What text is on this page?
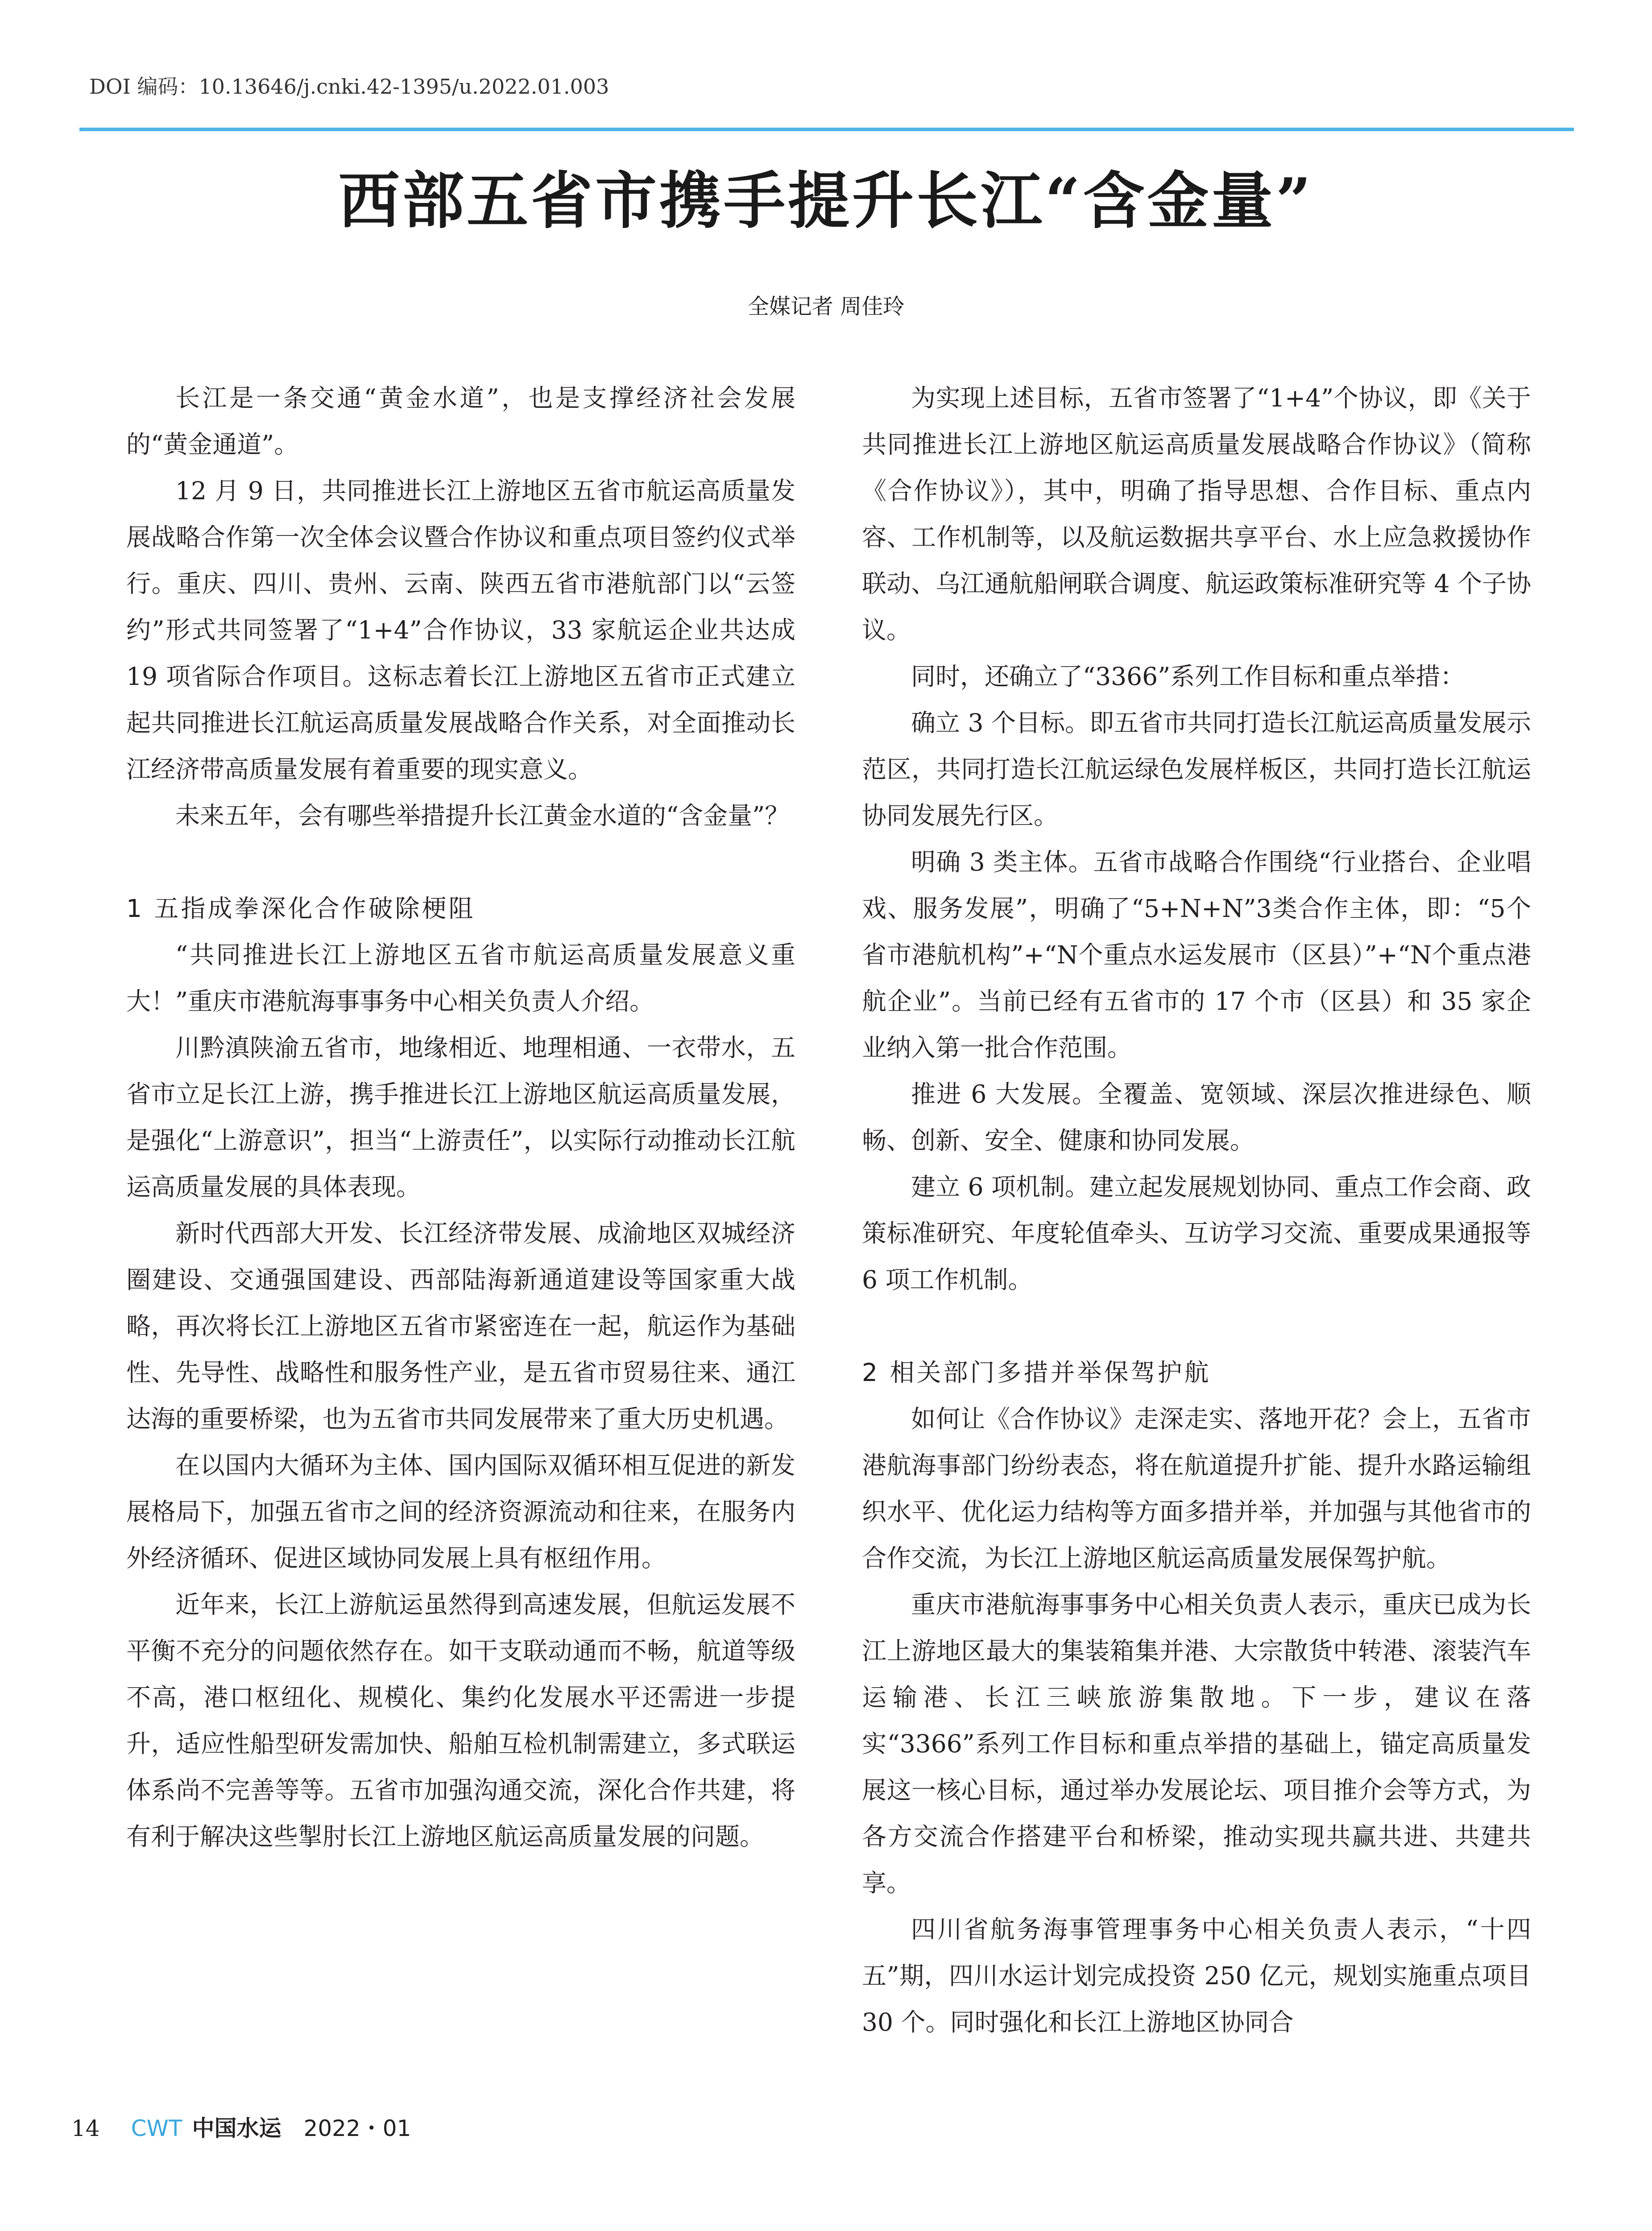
DOI 编码：10.13646/j.cnki.42-1395/u.2022.01.003
西部五省市携手提升长江“含金量”
全媒记者 周佳玲

长江是一条交通“黄金水道”，也是支撑经济社会发展的“黄金通道”。

12 月 9 日，共同推进长江上游地区五省市航运高质量发展战略合作第一次全体会议暨合作协议和重点项目签约仪式举行。重庆、四川、贵州、云南、陕西五省市港航部门以“云签约”形式共同签署了“1+4”合作协议，33 家航运企业共达成 19 项省际合作项目。这标志着长江上游地区五省市正式建立起共同推进长江航运高质量发展战略合作关系，对全面推动长江经济带高质量发展有着重要的现实意义。

未来五年，会有哪些举措提升长江黄金水道的“含金量”？

1 五指成拳深化合作破除梗阻

“共同推进长江上游地区五省市航运高质量发展意义重大！”重庆市港航海事事务中心相关负责人介绍。

川黔滇陕渝五省市，地缘相近、地理相通、一衣带水，五省市立足长江上游，携手推进长江上游地区航运高质量发展，是强化“上游意识”，担当“上游责任”，以实际行动推动长江航运高质量发展的具体表现。

新时代西部大开发、长江经济带发展、成渝地区双城经济圈建设、交通强国建设、西部陆海新通道建设等国家重大战略，再次将长江上游地区五省市紧密连在一起，航运作为基础性、先导性、战略性和服务性产业，是五省市贸易往来、通江达海的重要桥梁，也为五省市共同发展带来了重大历史机遇。

在以国内大循环为主体、国内国际双循环相互促进的新发展格局下，加强五省市之间的经济资源流动和往来，在服务内外经济循环、促进区域协同发展上具有枢纽作用。

近年来，长江上游航运虽然得到高速发展，但航运发展不平衡不充分的问题依然存在。如干支联动通而不畅，航道等级不高，港口枢纽化、规模化、集约化发展水平还需进一步提升，适应性船型研发需加快、船舶互检机制需建立，多式联运体系尚不完善等等。五省市加强沟通交流，深化合作共建，将有利于解决这些掣肘长江上游地区航运高质量发展的问题。

为实现上述目标，五省市签署了“1+4”个协议，即《关于共同推进长江上游地区航运高质量发展战略合作协议》（简称《合作协议》），其中，明确了指导思想、合作目标、重点内容、工作机制等，以及航运数据共享平台、水上应急救援协作联动、乌江通航船闸联合调度、航运政策标准研究等 4 个子协议。

同时，还确立了“3366”系列工作目标和重点举措：

确立 3 个目标。即五省市共同打造长江航运高质量发展示范区，共同打造长江航运绿色发展样板区，共同打造长江航运协同发展先行区。

明确 3 类主体。五省市战略合作围绕“行业搭台、企业唱戏、服务发展”，明确了“5+N+N”3类合作主体，即：“5个省市港航机构”+“N个重点水运发展市（区县）”+“N个重点港航企业”。当前已经有五省市的 17 个市（区县）和 35 家企业纳入第一批合作范围。

推进 6 大发展。全覆盖、宽领域、深层次推进绿色、顺畅、创新、安全、健康和协同发展。

建立 6 项机制。建立起发展规划协同、重点工作会商、政策标准研究、年度轮值牵头、互访学习交流、重要成果通报等 6 项工作机制。

2 相关部门多措并举保驾护航

如何让《合作协议》走深走实、落地开花？会上，五省市港航海事部门纷纷表态，将在航道提升扩能、提升水路运输组织水平、优化运力结构等方面多措并举，并加强与其他省市的合作交流，为长江上游地区航运高质量发展保驾护航。

重庆市港航海事事务中心相关负责人表示，重庆已成为长江上游地区最大的集装箱集并港、大宗散货中转港、滚装汽车运输港、长江三峡旅游集散地。下一步，建议在落实“3366”系列工作目标和重点举措的基础上，锚定高质量发展这一核心目标，通过举办发展论坛、项目推介会等方式，为各方交流合作搭建平台和桥梁，推动实现共赢共进、共建共享。

四川省航务海事管理事务中心相关负责人表示，“十四五”期，四川水运计划完成投资 250 亿元，规划实施重点项目 30 个。同时强化和长江上游地区协同合

14 CWT 中国水运 2022・01
